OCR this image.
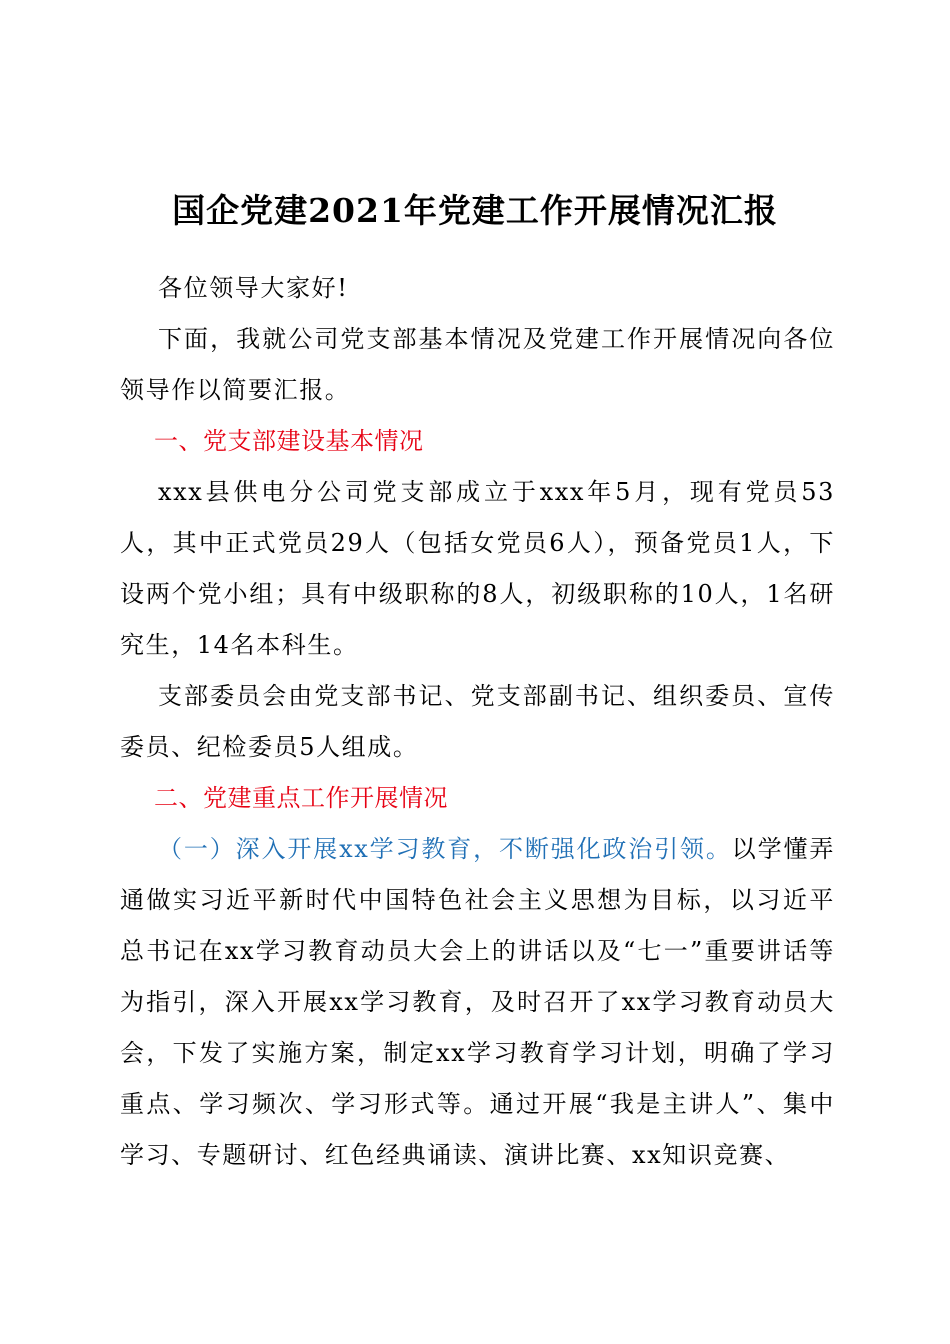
国企党建2021年党建工作开展情况汇报

各位领导大家好!

下面，我就公司党支部基本情况及党建工作开展情况向各位领导作以简要汇报。

一、党支部建设基本情况

xxx县供电分公司党支部成立于xxx年5月，现有党员53人，其中正式党员29人（包括女党员6人），预备党员1人，下设两个党小组；具有中级职称的8人，初级职称的10人，1名研究生，14名本科生。

支部委员会由党支部书记、党支部副书记、组织委员、宣传委员、纪检委员5人组成。

二、党建重点工作开展情况

（一）深入开展xx学习教育，不断强化政治引领。以学懂弄通做实习近平新时代中国特色社会主义思想为目标，以习近平总书记在xx学习教育动员大会上的讲话以及“七一”重要讲话等为指引，深入开展xx学习教育，及时召开了xx学习教育动员大会，下发了实施方案，制定xx学习教育学习计划，明确了学习重点、学习频次、学习形式等。通过开展“我是主讲人”、集中学习、专题研讨、红色经典诵读、演讲比赛、xx知识竞赛、
